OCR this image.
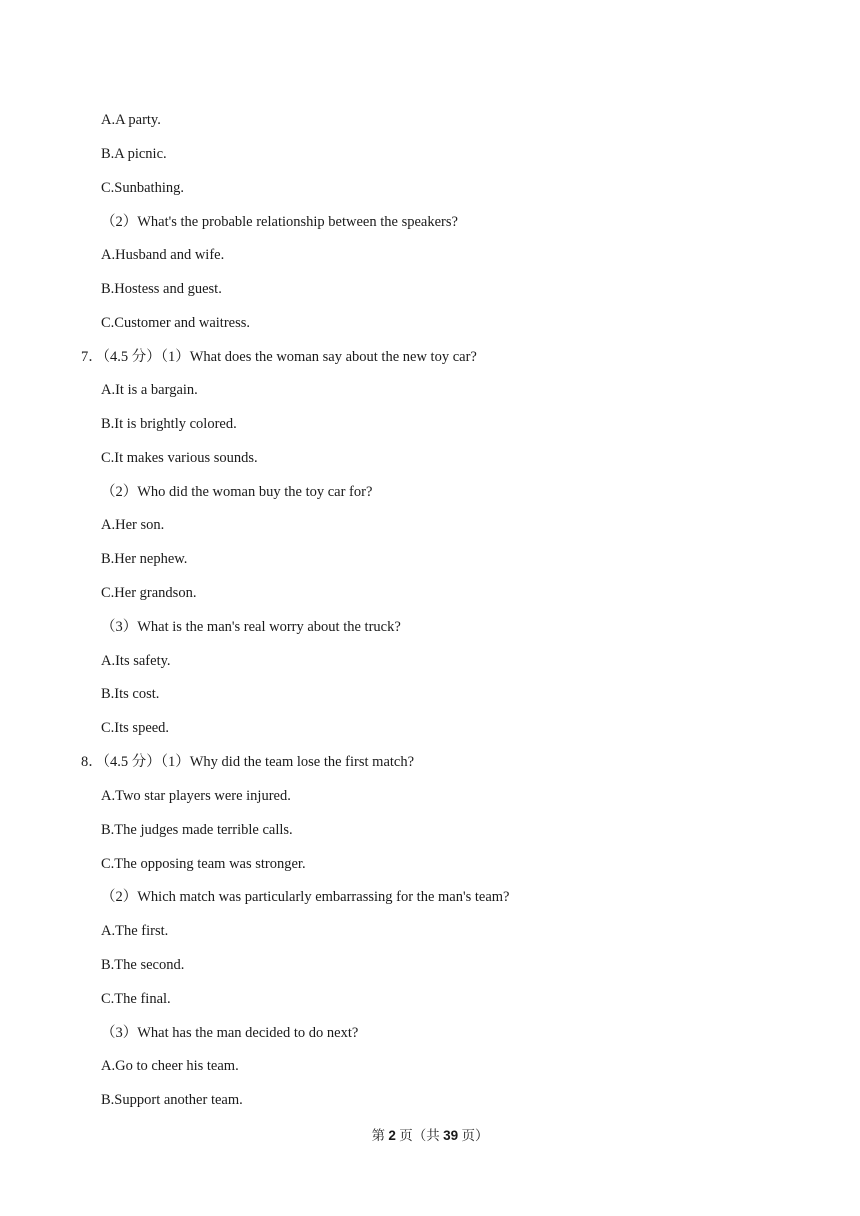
A.A party.
B.A picnic.
C.Sunbathing.
（2）What's the probable relationship between the speakers?
A.Husband and wife.
B.Hostess and guest.
C.Customer and waitress.
7．（4.5 分）（1）What does the woman say about the new toy car?
A.It is a bargain.
B.It is brightly colored.
C.It makes various sounds.
（2）Who did the woman buy the toy car for?
A.Her son.
B.Her nephew.
C.Her grandson.
（3）What is the man's real worry about the truck?
A.Its safety.
B.Its cost.
C.Its speed.
8．（4.5 分）（1）Why did the team lose the first match?
A.Two star players were injured.
B.The judges made terrible calls.
C.The opposing team was stronger.
（2）Which match was particularly embarrassing for the man's team?
A.The first.
B.The second.
C.The final.
（3）What has the man decided to do next?
A.Go to cheer his team.
B.Support another team.
第 2 页（共 39 页）
